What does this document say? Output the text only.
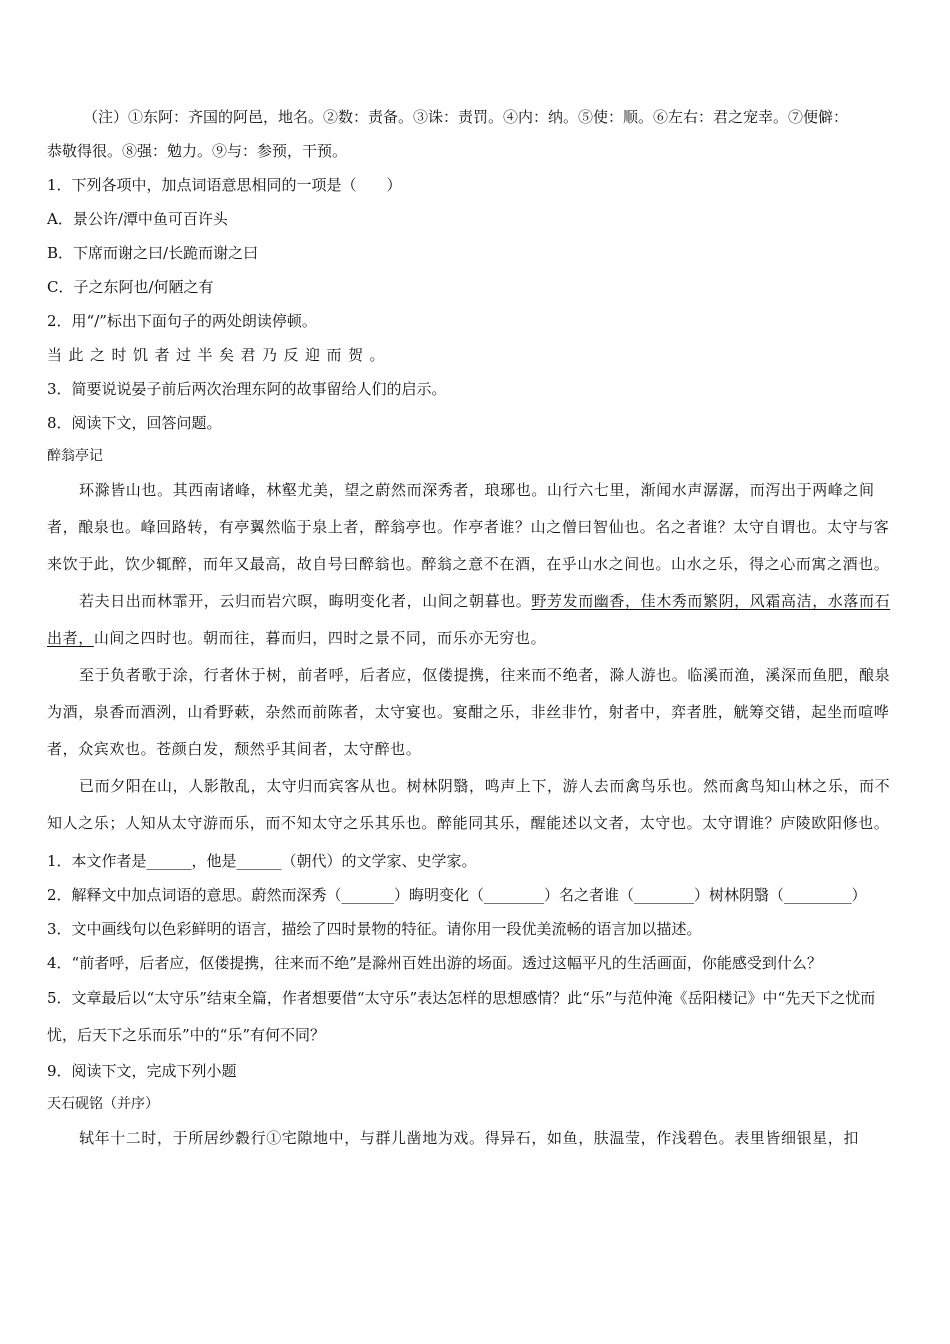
（注）①东阿：齐国的阿邑，地名。②数：责备。③诛：责罚。④内：纳。⑤使：顺。⑥左右：君之宠幸。⑦便僻：

恭敬得很。⑧强：勉力。⑨与：参预，干预。

1．下列各项中，加点词语意思相同的一项是（　　）

A．景公许/潭中鱼可百许头

B．下席而谢之曰/长跪而谢之曰

C．子之东阿也/何陋之有

2．用“/”标出下面句子的两处朗读停顿。

当此之时饥者过半矣君乃反迎而贺。

3．简要说说晏子前后两次治理东阿的故事留给人们的启示。

8．阅读下文，回答问题。

醉翁亭记

环滁皆山也。其西南诸峰，林壑尤美，望之蔚然而深秀者，琅琊也。山行六七里，渐闻水声潺潺，而泻出于两峰之间者，酿泉也。峰回路转，有亭翼然临于泉上者，醉翁亭也。作亭者谁？山之僧曰智仙也。名之者谁？太守自谓也。太守与客来饮于此，饮少辄醉，而年又最高，故自号曰醉翁也。醉翁之意不在酒，在乎山水之间也。山水之乐，得之心而寓之酒也。

若夫日出而林霏开，云归而岩穴暝，晦明变化者，山间之朝暮也。野芳发而幽香，佳木秀而繁阴，风霜高洁，水落而石出者，山间之四时也。朝而往，暮而归，四时之景不同，而乐亦无穷也。

至于负者歌于涂，行者休于树，前者呼，后者应，伛偻提携，往来而不绝者，滁人游也。临溪而渔，溪深而鱼肥，酿泉为酒，泉香而酒洌，山肴野蔌，杂然而前陈者，太守宴也。宴酣之乐，非丝非竹，射者中，弈者胜，觥筹交错，起坐而喧哗者，众宾欢也。苍颜白发，颓然乎其间者，太守醉也。

已而夕阳在山，人影散乱，太守归而宾客从也。树林阴翳，鸣声上下，游人去而禽鸟乐也。然而禽鸟知山林之乐，而不知人之乐；人知从太守游而乐，而不知太守之乐其乐也。醉能同其乐，醒能述以文者，太守也。太守谓谁？庐陵欧阳修也。

1．本文作者是______，他是______（朝代）的文学家、史学家。

2．解释文中加点词语的意思。蔚然而深秀（_______）晦明变化（________）名之者谁（________）树林阴翳（_________）

3．文中画线句以色彩鲜明的语言，描绘了四时景物的特征。请你用一段优美流畅的语言加以描述。

4．“前者呼，后者应，伛偻提携，往来而不绝”是滁州百姓出游的场面。透过这幅平凡的生活画面，你能感受到什么？

5．文章最后以“太守乐”结束全篇，作者想要借“太守乐”表达怎样的思想感情？此“乐”与范仲淹《岳阳楼记》中“先天下之忧而忧，后天下之乐而乐”中的“乐”有何不同？

9．阅读下文，完成下列小题

天石砚铭（并序）

轼年十二时，于所居纱縠行①宅隙地中，与群儿凿地为戏。得异石，如鱼，肤温莹，作浅碧色。表里皆细银星，扣
